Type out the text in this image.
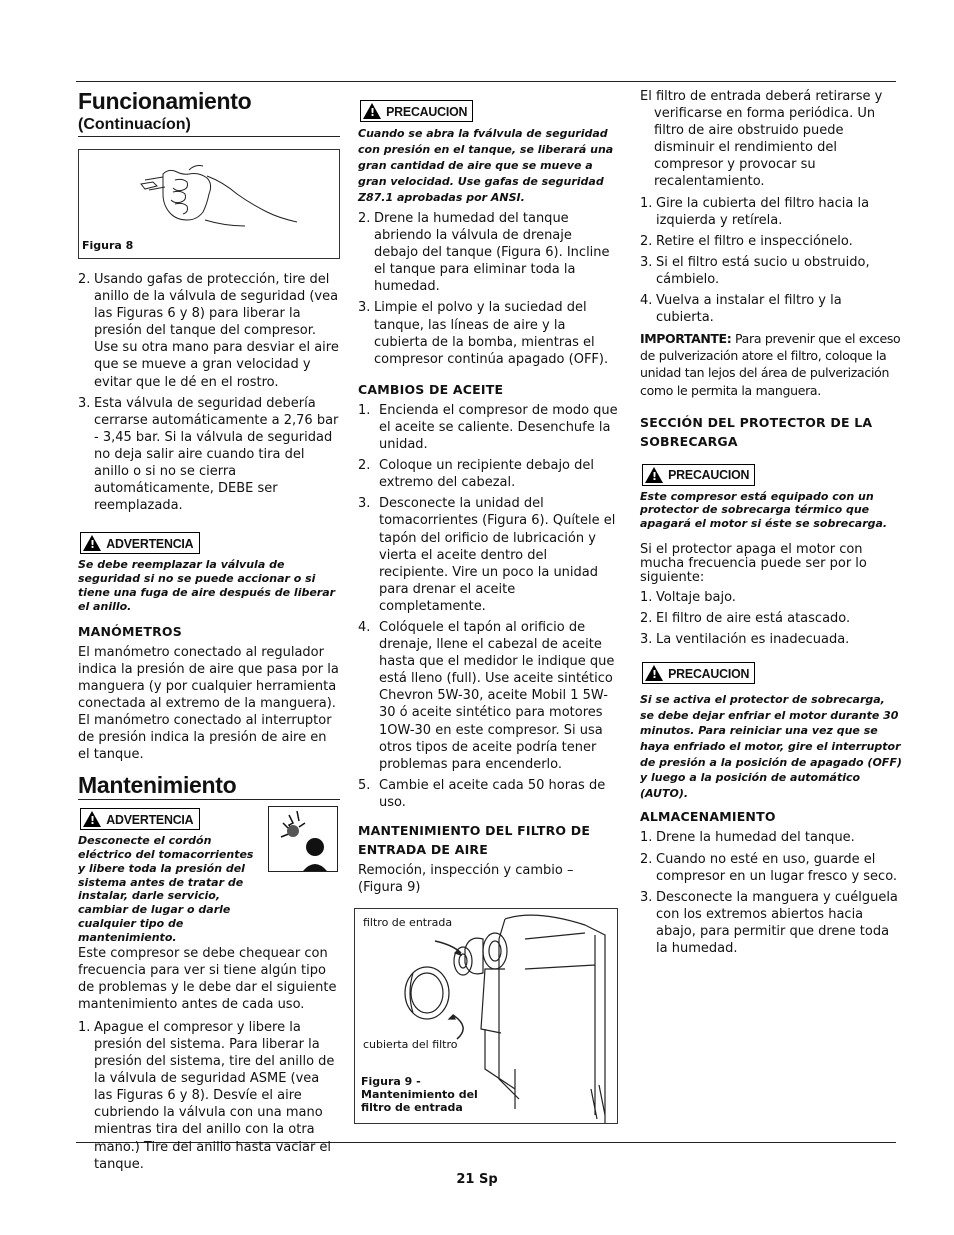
Funcionamiento
(Continuacíon)
Figura 8
2. Usando gafas de protección, tire del anillo de la válvula de seguridad (vea las Figuras 6 y 8) para liberar la presión del tanque del compresor. Use su otra mano para desviar el aire que se mueve a gran velocidad y evitar que le dé en el rostro.
3. Esta válvula de seguridad debería cerrarse automáticamente a 2,76 bar - 3,45 bar. Si la válvula de seguridad no deja salir aire cuando tira del anillo o si no se cierra automáticamente, DEBE ser reemplazada.
! ADVERTENCIA

Se debe reemplazar la válvula de seguridad si no se puede accionar o si tiene una fuga de aire después de liberar el anillo.

MANÓMETROS

El manómetro conectado al regulador indica la presión de aire que pasa por la manguera (y por cualquier herramienta conectada al extremo de la manguera). El manómetro conectado al interruptor de presión indica la presión de aire en el tanque.

Mantenimiento
! ADVERTENCIA

Desconecte el cordón eléctrico del tomacorrientes y libere toda la presión del sistema antes de tratar de instalar, darle servicio, cambiar de lugar o darle cualquier tipo de mantenimiento.

Este compresor se debe chequear con frecuencia para ver si tiene algún tipo de problemas y le debe dar el siguiente mantenimiento antes de cada uso.

1. Apague el compresor y libere la presión del sistema. Para liberar la presión del sistema, tire del anillo de la válvula de seguridad ASME (vea las Figuras 6 y 8). Desvíe el aire cubriendo la válvula con una mano mientras tira del anillo con la otra mano.) Tire del anillo hasta vaciar el tanque.
! PRECAUCION

Cuando se abra la fválvula de seguridad con presión en el tanque, se liberará una gran cantidad de aire que se mueve a gran velocidad. Use gafas de seguridad Z87.1 aprobadas por ANSI.

2. Drene la humedad del tanque abriendo la válvula de drenaje debajo del tanque (Figura 6). Incline el tanque para eliminar toda la humedad.
3. Limpie el polvo y la suciedad del tanque, las líneas de aire y la cubierta de la bomba, mientras el compresor continúa apagado (OFF).
CAMBIOS DE ACEITE
1. Encienda el compresor de modo que el aceite se caliente. Desenchufe la unidad.
2. Coloque un recipiente debajo del extremo del cabezal.
3. Desconecte la unidad del tomacorrientes (Figura 6). Quítele el tapón del orificio de lubricación y vierta el aceite dentro del recipiente. Vire un poco la unidad para drenar el aceite completamente.
4. Colóquele el tapón al orificio de drenaje, llene el cabezal de aceite hasta que el medidor le indique que está lleno (full). Use aceite sintético Chevron 5W-30, aceite Mobil 1 5W-30 ó aceite sintético para motores 1OW-30 en este compresor. Si usa otros tipos de aceite podría tener problemas para encenderlo.
5. Cambie el aceite cada 50 horas de uso.
MANTENIMIENTO DEL FILTRO DE ENTRADA DE AIRE

Remoción, inspección y cambio – (Figura 9)

filtro de entrada
cubierta del filtro
Figura 9 - Mantenimiento del filtro de entrada
El filtro de entrada deberá retirarse y verificarse en forma periódica. Un filtro de aire obstruido puede disminuir el rendimiento del compresor y provocar su recalentamiento.
1. Gire la cubierta del filtro hacia la izquierda y retírela.
2. Retire el filtro e inspecciónelo.
3. Si el filtro está sucio u obstruido, cámbielo.
4. Vuelva a instalar el filtro y la cubierta.

IMPORTANTE: Para prevenir que el exceso de pulverización atore el filtro, coloque la unidad tan lejos del área de pulverización como le permita la manguera.

SECCIÓN DEL PROTECTOR DE LA SOBRECARGA
! PRECAUCION

Este compresor está equipado con un protector de sobrecarga térmico que apagará el motor si éste se sobrecarga.

Si el protector apaga el motor con mucha frecuencia puede ser por lo siguiente:

1. Voltaje bajo.
2. El filtro de aire está atascado.
3. La ventilación es inadecuada.
! PRECAUCION

Si se activa el protector de sobrecarga, se debe dejar enfriar el motor durante 30 minutos. Para reiniciar una vez que se haya enfriado el motor, gire el interruptor de presión a la posición de apagado (OFF) y luego a la posición de automático (AUTO).

ALMACENAMIENTO
1. Drene la humedad del tanque.
2. Cuando no esté en uso, guarde el compresor en un lugar fresco y seco.
3. Desconecte la manguera y cuélguela con los extremos abiertos hacia abajo, para permitir que drene toda la humedad.
21 Sp
